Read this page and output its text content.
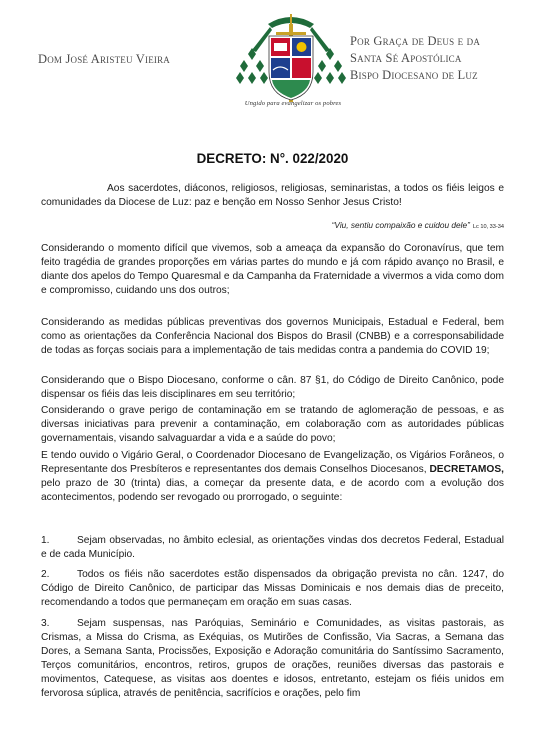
Dom José Aristeu Vieira
Ungido para evangelizar os pobres
Por Graça de Deus e da
Santa Sé Apostólica
Bispo Diocesano de Luz
DECRETO: N°. 022/2020
Aos sacerdotes, diáconos, religiosos, religiosas, seminaristas, a todos os fiéis leigos e comunidades da Diocese de Luz: paz e benção em Nosso Senhor Jesus Cristo!
“Viu, sentiu compaixão e cuidou dele” Lc 10, 33-34
Considerando o momento difícil que vivemos, sob a ameaça da expansão do Coronavírus, que tem feito tragédia de grandes proporções em várias partes do mundo e já com rápido avanço no Brasil, e diante dos apelos do Tempo Quaresmal e da Campanha da Fraternidade a vivermos a vida como dom e compromisso, cuidando uns dos outros;
Considerando as medidas públicas preventivas dos governos Municipais, Estadual e Federal, bem como as orientações da Conferência Nacional dos Bispos do Brasil (CNBB) e a corresponsabilidade de todas as forças sociais para a implementação de tais medidas contra a pandemia do COVID 19;
Considerando que o Bispo Diocesano, conforme o cân. 87 §1, do Código de Direito Canônico, pode dispensar os fiéis das leis disciplinares em seu território;
Considerando o grave perigo de contaminação em se tratando de aglomeração de pessoas, e as diversas iniciativas para prevenir a contaminação, em colaboração com as autoridades públicas governamentais, visando salvaguardar a vida e a saúde do povo;
E tendo ouvido o Vigário Geral, o Coordenador Diocesano de Evangelização, os Vigários Forâneos, o Representante dos Presbíteros e representantes dos demais Conselhos Diocesanos, DECRETAMOS, pelo prazo de 30 (trinta) dias, a começar da presente data, e de acordo com a evolução dos acontecimentos, podendo ser revogado ou prorrogado, o seguinte:
1.	Sejam observadas, no âmbito eclesial, as orientações vindas dos decretos Federal, Estadual e de cada Município.
2.	Todos os fiéis não sacerdotes estão dispensados da obrigação prevista no cân. 1247, do Código de Direito Canônico, de participar das Missas Dominicais e nos demais dias de preceito, recomendando a todos que permaneçam em oração em suas casas.
3.	Sejam suspensas, nas Paróquias, Seminário e Comunidades, as visitas pastorais, as Crismas, a Missa do Crisma, as Exéquias, os Mutirões de Confissão, Via Sacras, a Semana das Dores, a Semana Santa, Procissões, Exposição e Adoração comunitária do Santíssimo Sacramento, Terços comunitários, encontros, retiros, grupos de orações, reuniões diversas das pastorais e movimentos, Catequese, as visitas aos doentes e idosos, entretanto, estejam os fiéis unidos em fervorosa súplica, através de penitência, sacrifícios e orações, pelo fim
